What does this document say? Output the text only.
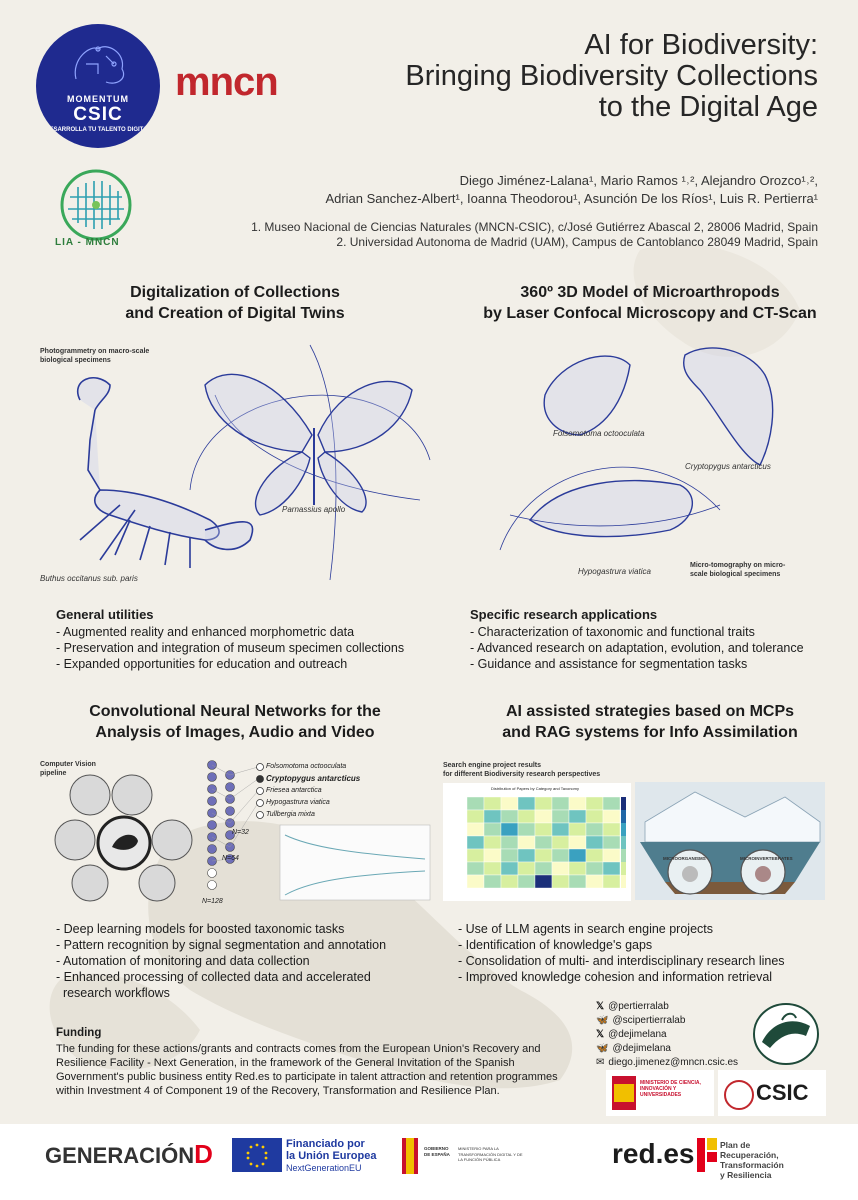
MOMENTUM
CSIC
DESARROLLA TU TALENTO DIGITAL
mncn
LIA - MNCN
AI for Biodiversity:
Bringing Biodiversity Collections
to the Digital Age
Diego Jiménez-Lalana¹, Mario Ramos ¹˒², Alejandro Orozco¹˒²,
Adrian Sanchez-Albert¹, Ioanna Theodorou¹, Asunción De los Ríos¹, Luis R. Pertierra¹
1. Museo Nacional de Ciencias Naturales (MNCN-CSIC), c/José Gutiérrez Abascal 2, 28006 Madrid, Spain
2. Universidad Autonoma de Madrid (UAM), Campus de Cantoblanco 28049 Madrid, Spain
Digitalization of Collections
and Creation of Digital Twins
Photogrammetry on macro-scale
biological specimens
Parnassius apollo
Buthus occitanus sub. paris
General utilities
- Augmented reality and enhanced morphometric data
- Preservation and integration of museum specimen collections
- Expanded opportunities for education and outreach
360º 3D Model of Microarthropods
by Laser Confocal Microscopy and CT-Scan
Folsomotoma octooculata
Cryptopygus antarcticus
Hypogastrura viatica
Micro-tomography on micro-
scale biological specimens
Specific research applications
- Characterization of taxonomic and functional traits
- Advanced research on adaptation, evolution, and tolerance
- Guidance and assistance for segmentation tasks
Convolutional Neural Networks for the
Analysis of Images, Audio and Video
Computer Vision
pipeline
Folsomotoma octooculata
Cryptopygus antarcticus
Friesea antarctica
Hypogastrura viatica
Tullbergia mixta
N=32
N=64
N=128
- Deep learning models for boosted taxonomic tasks
- Pattern recognition by signal segmentation and annotation
- Automation of monitoring and data collection
- Enhanced processing of collected data and accelerated
research workflows
AI assisted strategies based on MCPs
and RAG systems for Info Assimilation
Search engine project results
for different Biodiversity research perspectives
Distribution of Papers by Category and Taxonomy
MICROORGANISMS	MICROINVERTEBRATES
- Use of LLM agents in search engine projects
- Identification of knowledge's gaps
- Consolidation of multi- and interdisciplinary research lines
- Improved knowledge cohesion and information retrieval
Funding
The funding for these actions/grants and contracts comes from the European Union's Recovery and Resilience Facility - Next Generation, in the framework of the General Invitation of the Spanish Government's public business entity Red.es to participate in talent attraction and retention programmes within Investment 4 of Component 19 of the Recovery, Transformation and Resilience Plan.
𝕏 @pertierralab
🦋 @scipertierralab
𝕏 @dejimelana
🦋 @dejimelana
✉ diego.jimenez@mncn.csic.es
MINISTERIO DE CIENCIA, INNOVACIÓN Y UNIVERSIDADES	CSIC
GENERACIÓND	Financiado por
la Unión Europea
NextGenerationEU
GOBIERNO DE ESPAÑA
MINISTERIO PARA LA TRANSFORMACIÓN DIGITAL Y DE LA FUNCIÓN PÚBLICA	red.es	Plan de
Recuperación,
Transformación
y Resiliencia
